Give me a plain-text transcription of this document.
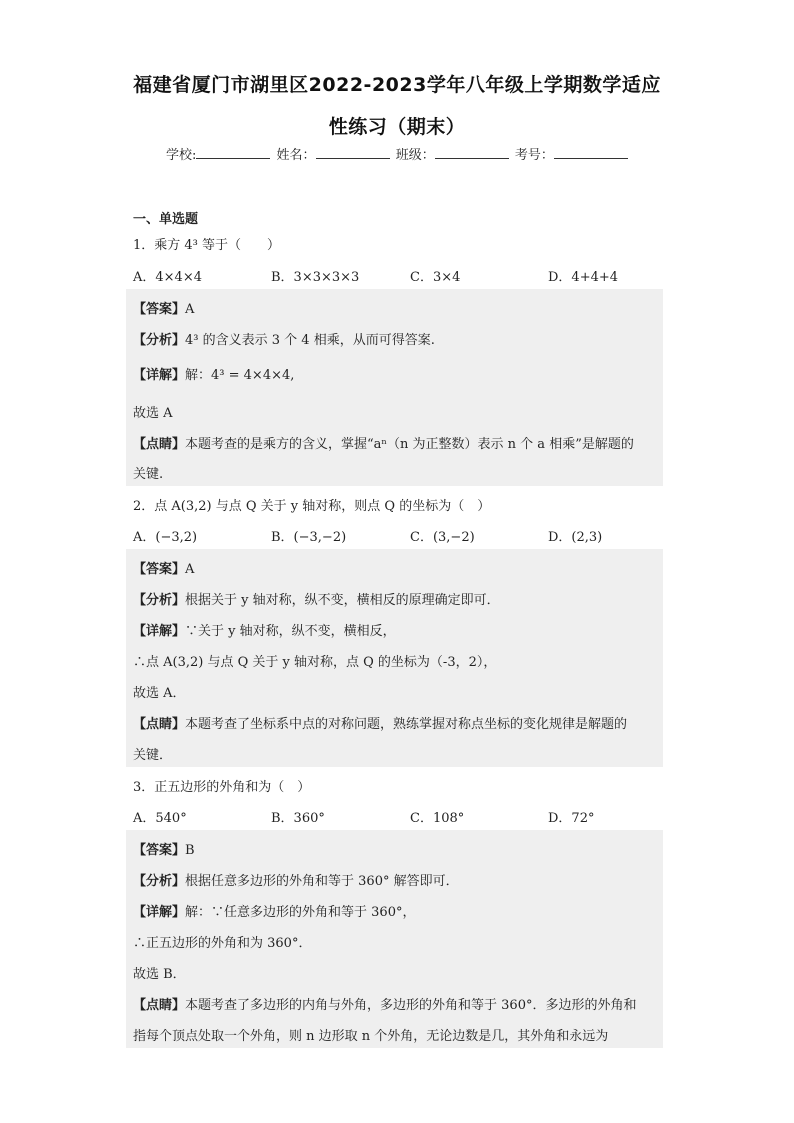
福建省厦门市湖里区2022-2023学年八年级上学期数学适应
性练习（期末）
学校:	姓名：	班级：	考号：
一、单选题
1．乘方 4³ 等于（　　）
A．4×4×4	B．3×3×3×3	C．3×4	D．4+4+4
【答案】A
【分析】4³ 的含义表示 3 个 4 相乘，从而可得答案.
【详解】解：4³ = 4×4×4,
故选 A
【点睛】本题考查的是乘方的含义，掌握“aⁿ（n 为正整数）表示 n 个 a 相乘”是解题的
关键.
2．点 A(3,2) 与点 Q 关于 y 轴对称，则点 Q 的坐标为（　）
A．(−3,2)	B．(−3,−2)	C．(3,−2)	D．(2,3)
【答案】A
【分析】根据关于 y 轴对称，纵不变，横相反的原理确定即可．
【详解】∵关于 y 轴对称，纵不变，横相反，
∴点 A(3,2) 与点 Q 关于 y 轴对称，点 Q 的坐标为（-3，2），
故选 A．
【点睛】本题考查了坐标系中点的对称问题，熟练掌握对称点坐标的变化规律是解题的
关键．
3．正五边形的外角和为（　）
A．540°	B．360°	C．108°	D．72°
【答案】B
【分析】根据任意多边形的外角和等于 360° 解答即可．
【详解】解：∵任意多边形的外角和等于 360°，
∴正五边形的外角和为 360°．
故选 B．
【点睛】本题考查了多边形的内角与外角，多边形的外角和等于 360°．多边形的外角和
指每个顶点处取一个外角，则 n 边形取 n 个外角，无论边数是几，其外角和永远为
